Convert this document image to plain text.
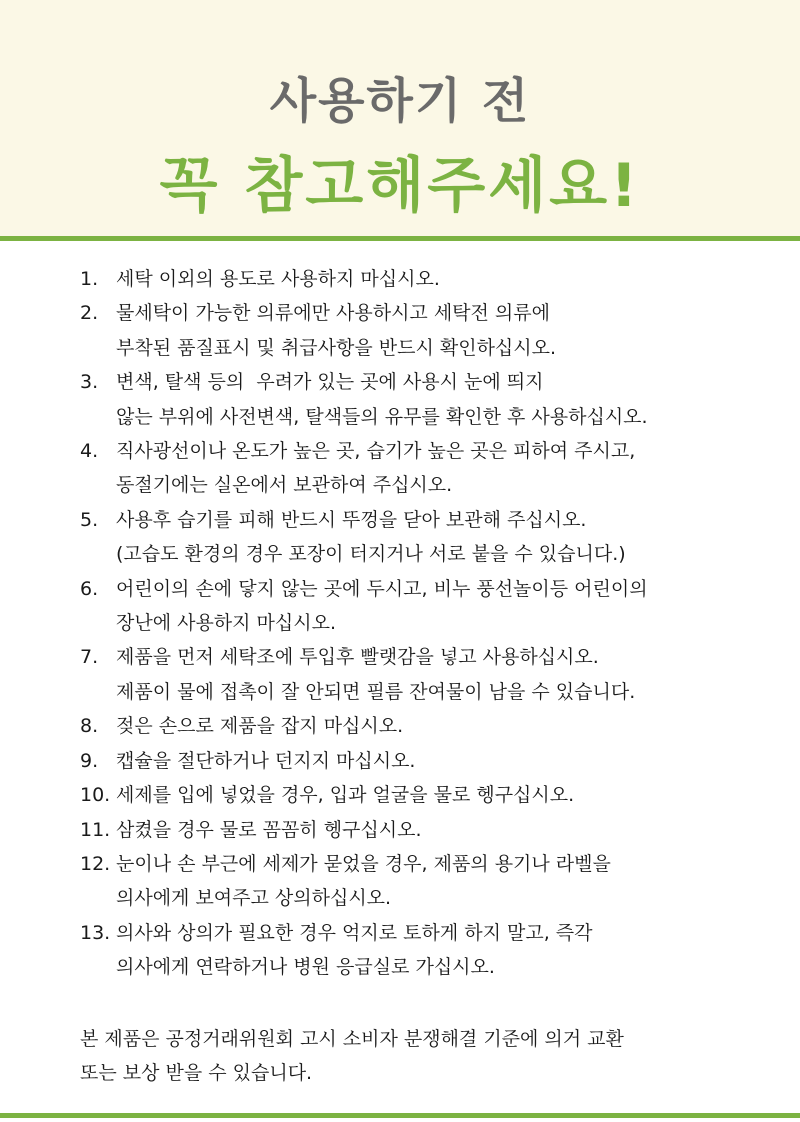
사용하기 전
꼭 참고해주세요!
1. 세탁 이외의 용도로 사용하지 마십시오.
2. 물세탁이 가능한 의류에만 사용하시고 세탁전 의류에
부착된 품질표시 및 취급사항을 반드시 확인하십시오.
3. 변색, 탈색 등의  우려가 있는 곳에 사용시 눈에 띄지
않는 부위에 사전변색, 탈색들의 유무를 확인한 후 사용하십시오.
4. 직사광선이나 온도가 높은 곳, 습기가 높은 곳은 피하여 주시고,
동절기에는 실온에서 보관하여 주십시오.
5. 사용후 습기를 피해 반드시 뚜껑을 닫아 보관해 주십시오.
(고습도 환경의 경우 포장이 터지거나 서로 붙을 수 있습니다.)
6. 어린이의 손에 닿지 않는 곳에 두시고, 비누 풍선놀이등 어린이의
장난에 사용하지 마십시오.
7. 제품을 먼저 세탁조에 투입후 빨랫감을 넣고 사용하십시오.
제품이 물에 접촉이 잘 안되면 필름 잔여물이 남을 수 있습니다.
8. 젖은 손으로 제품을 잡지 마십시오.
9. 캡슐을 절단하거나 던지지 마십시오.
10. 세제를 입에 넣었을 경우, 입과 얼굴을 물로 헹구십시오.
11. 삼켰을 경우 물로 꼼꼼히 헹구십시오.
12. 눈이나 손 부근에 세제가 묻었을 경우, 제품의 용기나 라벨을
의사에게 보여주고 상의하십시오.
13. 의사와 상의가 필요한 경우 억지로 토하게 하지 말고, 즉각
의사에게 연락하거나 병원 응급실로 가십시오.
본 제품은 공정거래위원회 고시 소비자 분쟁해결 기준에 의거 교환
또는 보상 받을 수 있습니다.
